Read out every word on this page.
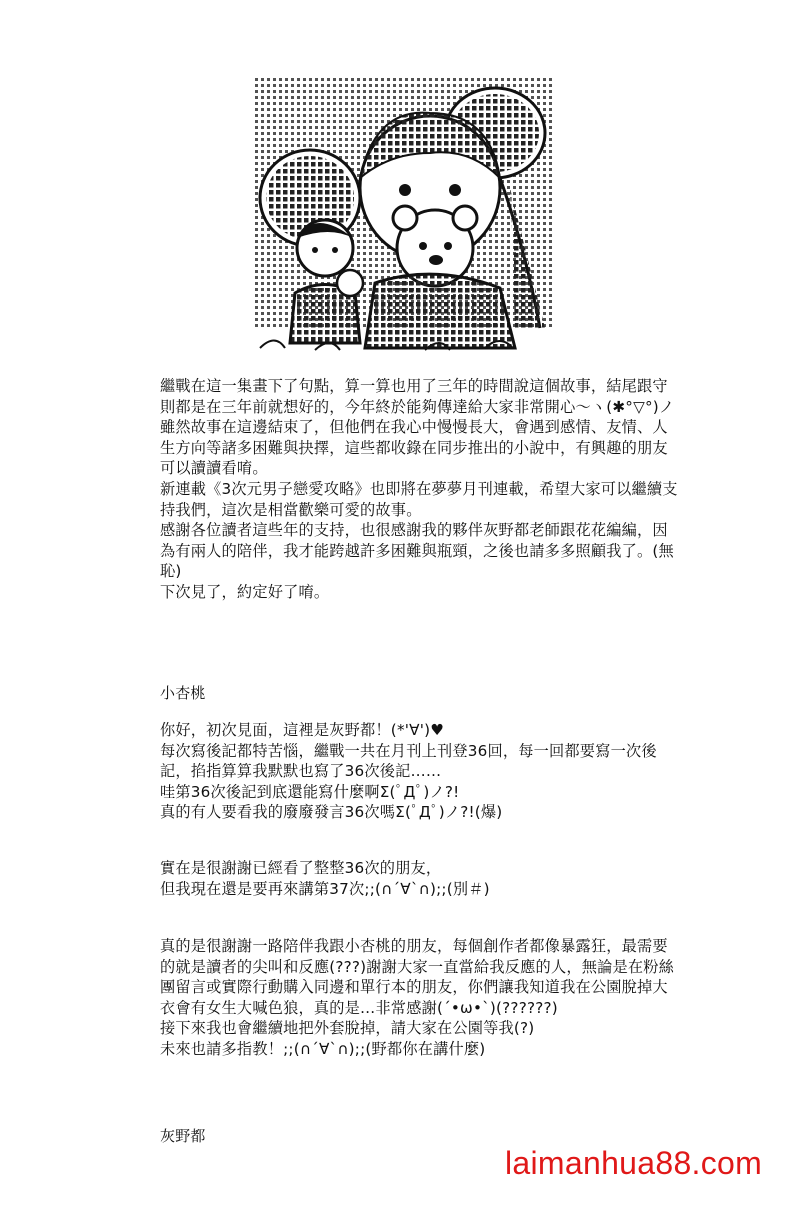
繼戰在這一集畫下了句點，算一算也用了三年的時間說這個故事，結尾跟守則都是在三年前就想好的，今年終於能夠傳達給大家非常開心～ヽ(✱°▽°)ノ

雖然故事在這邊結束了，但他們在我心中慢慢長大，會遇到感情、友情、人生方向等諸多困難與抉擇，這些都收錄在同步推出的小說中，有興趣的朋友可以讀讀看唷。

新連載《3次元男子戀愛攻略》也即將在夢夢月刊連載，希望大家可以繼續支持我們，這次是相當歡樂可愛的故事。

感謝各位讀者這些年的支持，也很感謝我的夥伴灰野都老師跟花花編編，因為有兩人的陪伴，我才能跨越許多困難與瓶頸，之後也請多多照顧我了。(無恥)

下次見了，約定好了唷。

小杏桃

你好，初次見面，這裡是灰野都！(*'∀')♥

每次寫後記都特苦惱，繼戰一共在月刊上刊登36回，每一回都要寫一次後記，掐指算算我默默也寫了36次後記……

哇第36次後記到底還能寫什麼啊Σ(ﾟДﾟ)ノ?!

真的有人要看我的廢廢發言36次嗎Σ(ﾟДﾟ)ノ?!(爆)

實在是很謝謝已經看了整整36次的朋友，

但我現在還是要再來講第37次;;(∩´∀`∩);;(別＃)

真的是很謝謝一路陪伴我跟小杏桃的朋友，每個創作者都像暴露狂，最需要的就是讀者的尖叫和反應(???)謝謝大家一直當給我反應的人，無論是在粉絲團留言或實際行動購入同邊和單行本的朋友，你們讓我知道我在公園脫掉大衣會有女生大喊色狼，真的是…非常感謝(´•ω•`)(??????)

接下來我也會繼續地把外套脫掉，請大家在公園等我(?)

未來也請多指教！;;(∩´∀`∩);;(野都你在講什麼)

灰野都
laimanhua88.com
